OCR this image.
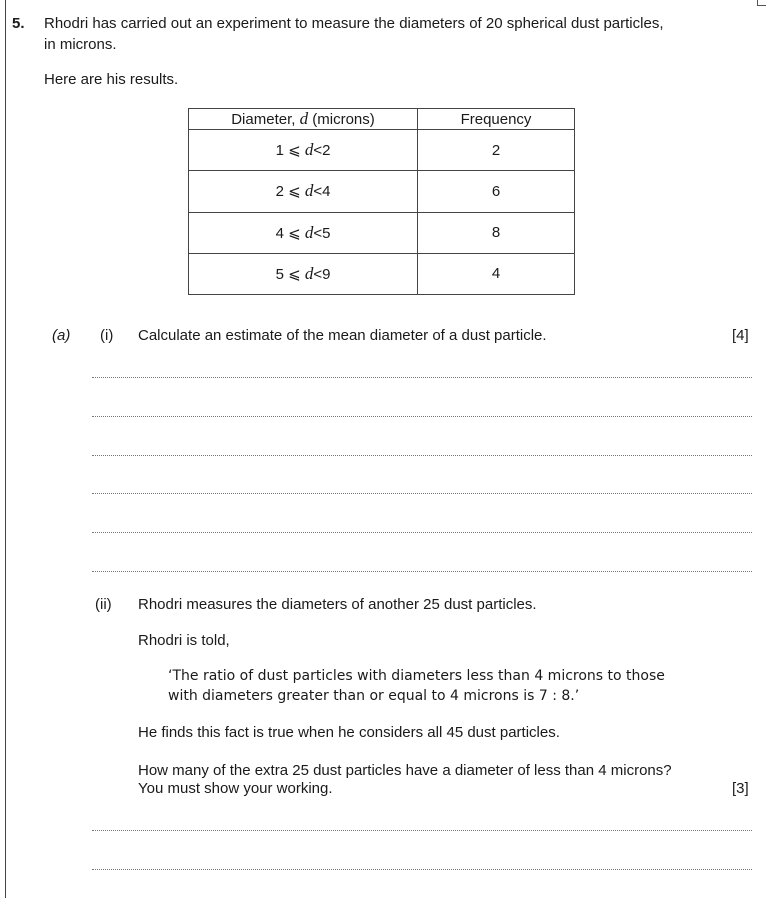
5. Rhodri has carried out an experiment to measure the diameters of 20 spherical dust particles,
in microns.
Here are his results.
Diameter, d (microns)	Frequency
1 ⩽ d<2	2
2 ⩽ d<4	6
4 ⩽ d<5	8
5 ⩽ d<9	4
(a) (i) Calculate an estimate of the mean diameter of a dust particle.	[4]
(ii) Rhodri measures the diameters of another 25 dust particles.
Rhodri is told,
‘The ratio of dust particles with diameters less than 4 microns to those
with diameters greater than or equal to 4 microns is 7 : 8.’
He finds this fact is true when he considers all 45 dust particles.
How many of the extra 25 dust particles have a diameter of less than 4 microns?
You must show your working.	[3]
